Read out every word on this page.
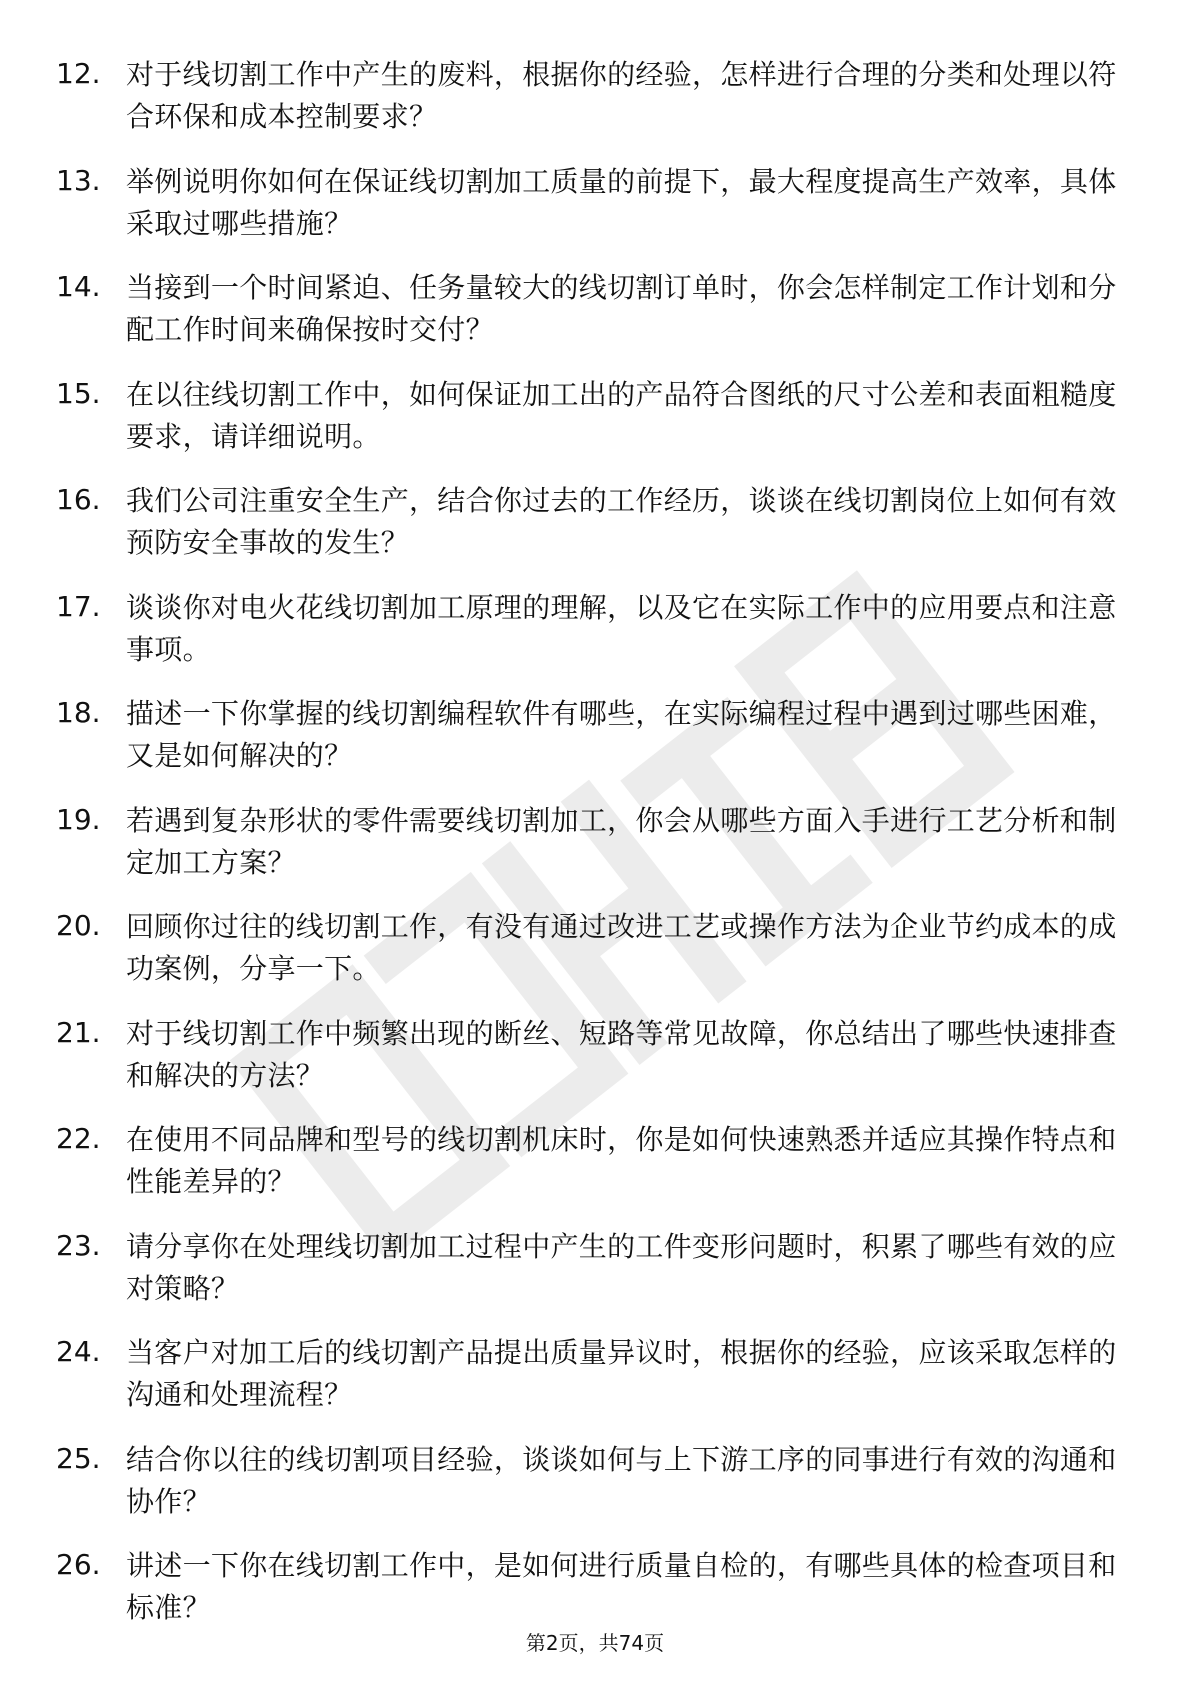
12. 对于线切割工作中产生的废料，根据你的经验，怎样进行合理的分类和处理以符合环保和成本控制要求？
13. 举例说明你如何在保证线切割加工质量的前提下，最大程度提高生产效率，具体采取过哪些措施？
14. 当接到一个时间紧迫、任务量较大的线切割订单时，你会怎样制定工作计划和分配工作时间来确保按时交付？
15. 在以往线切割工作中，如何保证加工出的产品符合图纸的尺寸公差和表面粗糙度要求，请详细说明。
16. 我们公司注重安全生产，结合你过去的工作经历，谈谈在线切割岗位上如何有效预防安全事故的发生？
17. 谈谈你对电火花线切割加工原理的理解，以及它在实际工作中的应用要点和注意事项。
18. 描述一下你掌握的线切割编程软件有哪些，在实际编程过程中遇到过哪些困难，又是如何解决的？
19. 若遇到复杂形状的零件需要线切割加工，你会从哪些方面入手进行工艺分析和制定加工方案？
20. 回顾你过往的线切割工作，有没有通过改进工艺或操作方法为企业节约成本的成功案例，分享一下。
21. 对于线切割工作中频繁出现的断丝、短路等常见故障，你总结出了哪些快速排查和解决的方法？
22. 在使用不同品牌和型号的线切割机床时，你是如何快速熟悉并适应其操作特点和性能差异的？
23. 请分享你在处理线切割加工过程中产生的工件变形问题时，积累了哪些有效的应对策略？
24. 当客户对加工后的线切割产品提出质量异议时，根据你的经验，应该采取怎样的沟通和处理流程？
25. 结合你以往的线切割项目经验，谈谈如何与上下游工序的同事进行有效的沟通和协作？
26. 讲述一下你在线切割工作中，是如何进行质量自检的，有哪些具体的检查项目和标准？
第2页，共74页
